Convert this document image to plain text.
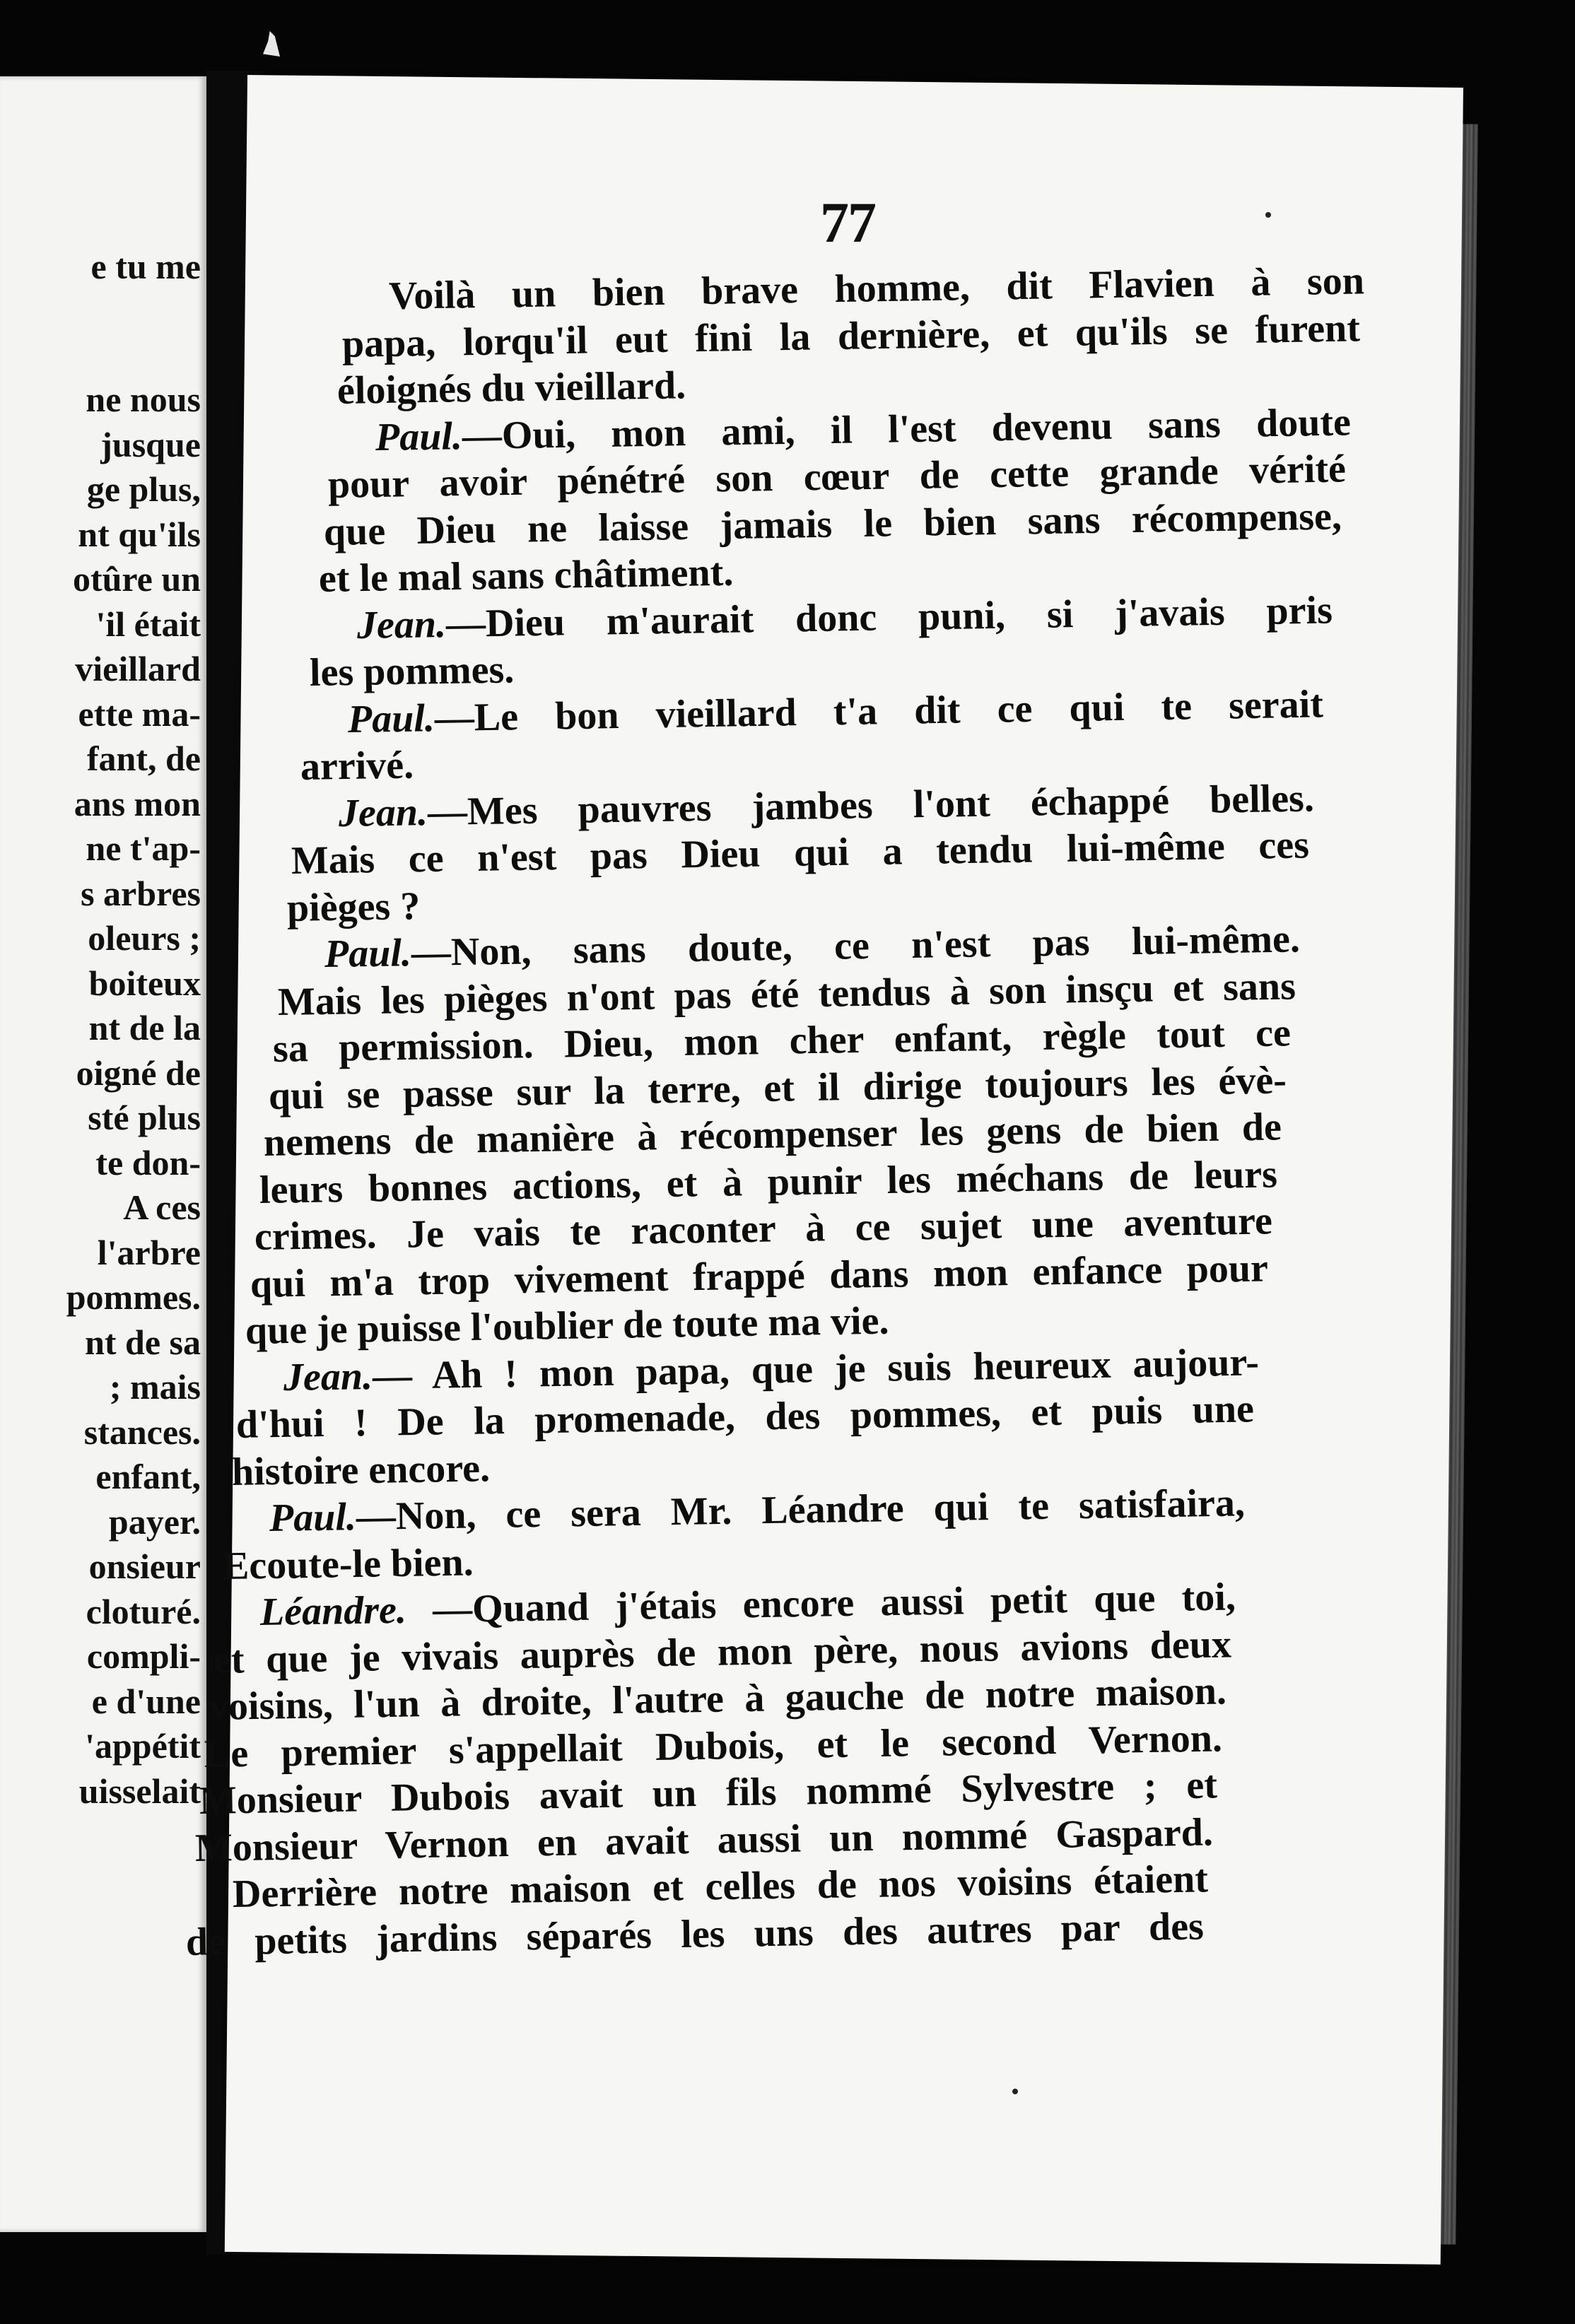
e tu me
ne nous
jusque
ge plus,
nt qu'ils
otûre un
'il était
vieillard
ette ma-
fant, de
ans mon
ne t'ap-
s arbres
oleurs ;
boiteux
nt de la
oigné de
sté plus
te don-
A ces
l'arbre
pommes.
nt de sa
; mais
stances.
enfant,
payer.
onsieur
cloturé.
compli-
e d'une
'appétit
uisselait
77
Voilà un bien brave homme, dit Flavien à son
papa, lorqu'il eut fini la dernière, et qu'ils se furent
éloignés du vieillard.
Paul.—Oui, mon ami, il l'est devenu sans doute
pour avoir pénétré son cœur de cette grande vérité
que Dieu ne laisse jamais le bien sans récompense,
et le mal sans châtiment.
Jean.—Dieu m'aurait donc puni, si j'avais pris
les pommes.
Paul.—Le bon vieillard t'a dit ce qui te serait
arrivé.
Jean.—Mes pauvres jambes l'ont échappé belles.
Mais ce n'est pas Dieu qui a tendu lui-même ces
pièges ?
Paul.—Non, sans doute, ce n'est pas lui-même.
Mais les pièges n'ont pas été tendus à son insçu et sans
sa permission. Dieu, mon cher enfant, règle tout ce
qui se passe sur la terre, et il dirige toujours les évè-
nemens de manière à récompenser les gens de bien de
leurs bonnes actions, et à punir les méchans de leurs
crimes. Je vais te raconter à ce sujet une aventure
qui m'a trop vivement frappé dans mon enfance pour
que je puisse l'oublier de toute ma vie.
Jean.— Ah ! mon papa, que je suis heureux aujour-
d'hui ! De la promenade, des pommes, et puis une
histoire encore.
Paul.—Non, ce sera Mr. Léandre qui te satisfaira,
Ecoute-le bien.
Léandre. —Quand j'étais encore aussi petit que toi,
et que je vivais auprès de mon père, nous avions deux
voisins, l'un à droite, l'autre à gauche de notre maison.
Le premier s'appellait Dubois, et le second Vernon.
Monsieur Dubois avait un fils nommé Sylvestre ; et
Monsieur Vernon en avait aussi un nommé Gaspard.
Derrière notre maison et celles de nos voisins étaient
de petits jardins séparés les uns des autres par des
